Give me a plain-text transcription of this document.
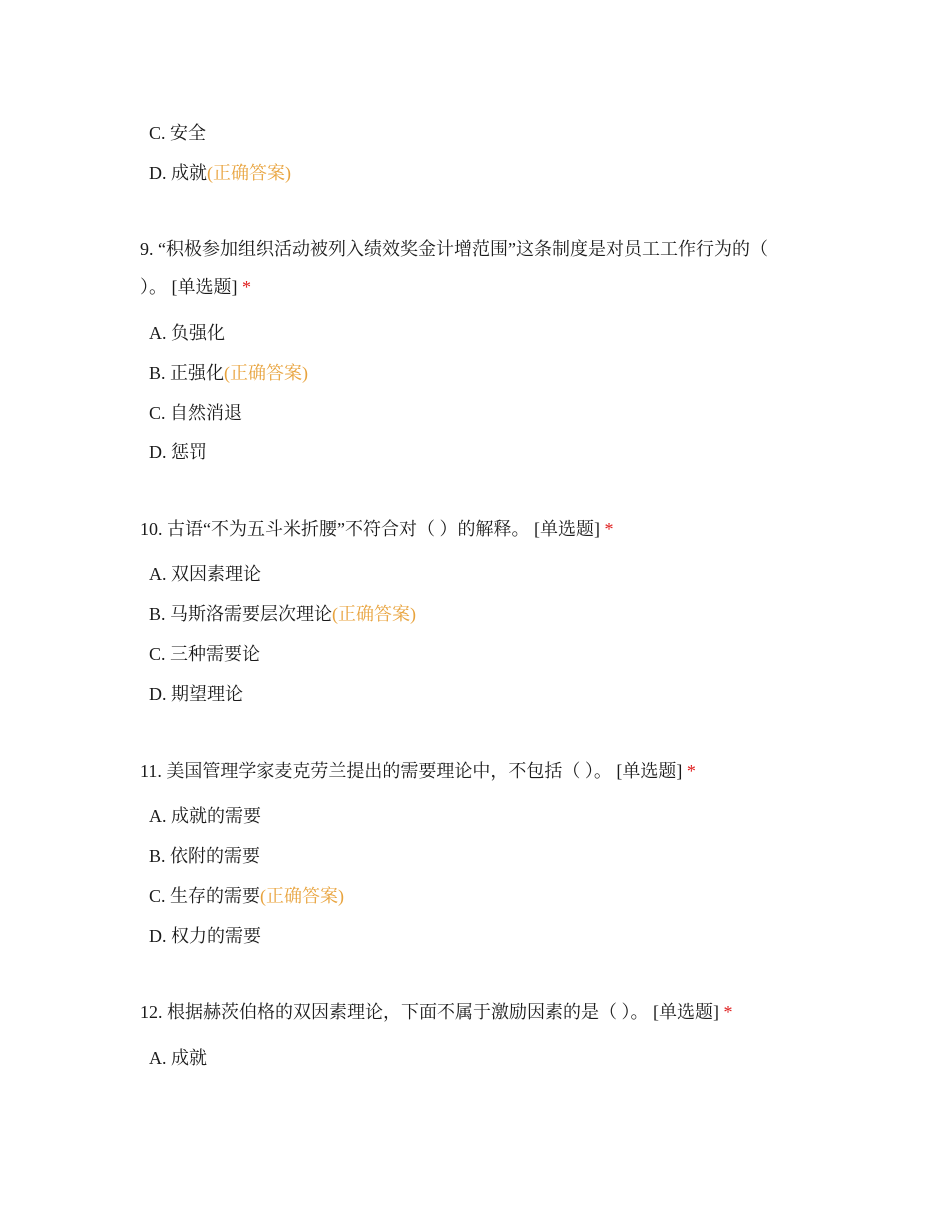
C. 安全
D. 成就(正确答案)
9. “积极参加组织活动被列入绩效奖金计增范围”这条制度是对员工工作行为的（
）。 [单选题] *
A. 负强化
B. 正强化(正确答案)
C. 自然消退
D. 惩罚
10. 古语“不为五斗米折腰”不符合对（ ）的解释。 [单选题] *
A. 双因素理论
B. 马斯洛需要层次理论(正确答案)
C. 三种需要论
D. 期望理论
11. 美国管理学家麦克劳兰提出的需要理论中，不包括（ ）。 [单选题] *
A. 成就的需要
B. 依附的需要
C. 生存的需要(正确答案)
D. 权力的需要
12. 根据赫茨伯格的双因素理论，下面不属于激励因素的是（ ）。 [单选题] *
A. 成就
